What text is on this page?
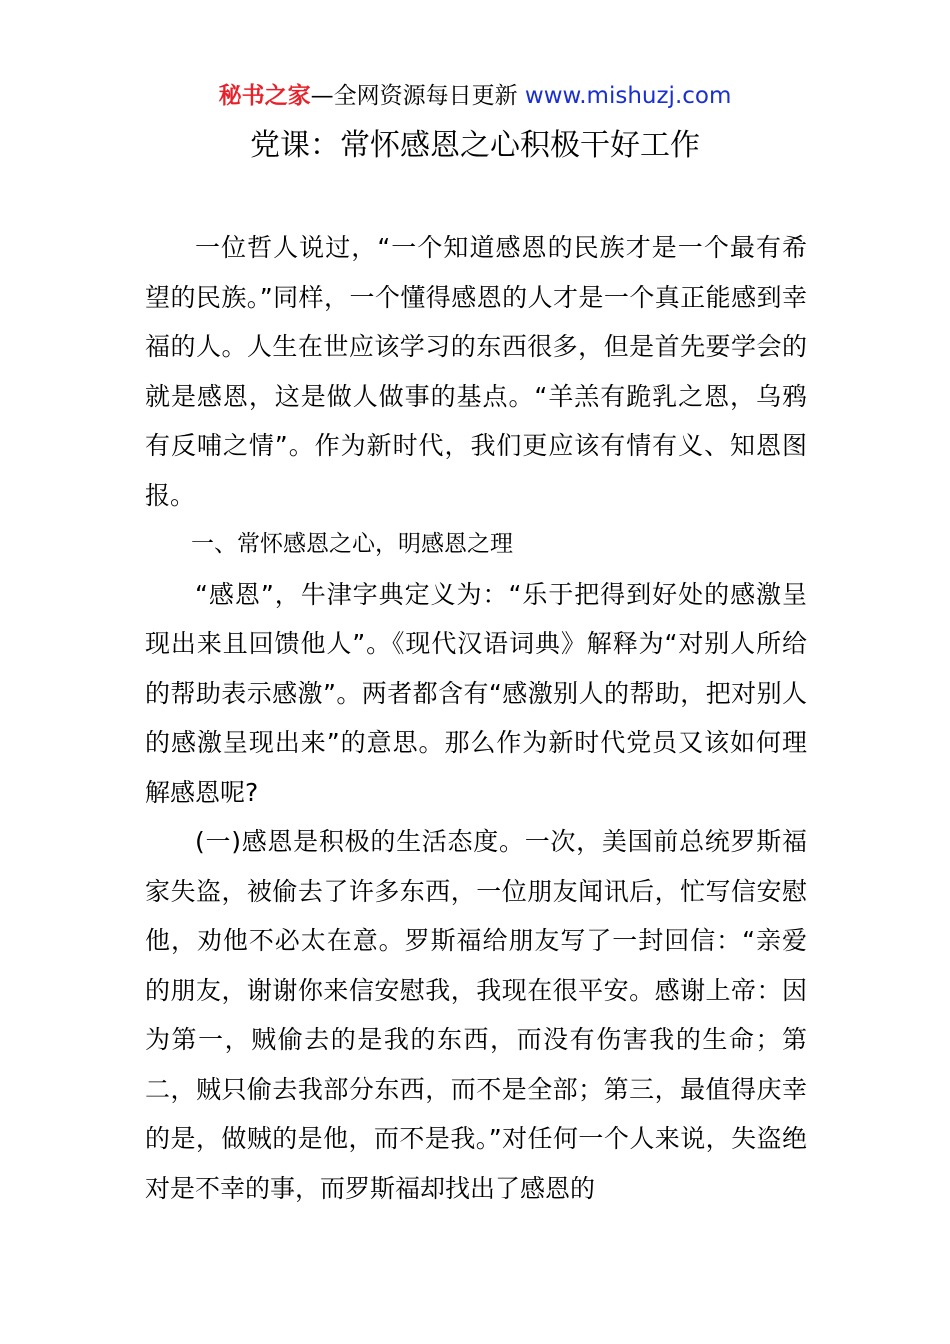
秘书之家—全网资源每日更新 www.mishuzj.com
党课：常怀感恩之心积极干好工作

一位哲人说过，“一个知道感恩的民族才是一个最有希望的民族。”同样，一个懂得感恩的人才是一个真正能感到幸福的人。人生在世应该学习的东西很多，但是首先要学会的就是感恩，这是做人做事的基点。“羊羔有跪乳之恩，乌鸦有反哺之情”。作为新时代，我们更应该有情有义、知恩图报。

一、常怀感恩之心，明感恩之理

“感恩”，牛津字典定义为：“乐于把得到好处的感激呈现出来且回馈他人”。《现代汉语词典》解释为“对别人所给的帮助表示感激”。两者都含有“感激别人的帮助，把对别人的感激呈现出来”的意思。那么作为新时代党员又该如何理解感恩呢?

(一)感恩是积极的生活态度。一次，美国前总统罗斯福家失盗，被偷去了许多东西，一位朋友闻讯后，忙写信安慰他，劝他不必太在意。罗斯福给朋友写了一封回信：“亲爱的朋友，谢谢你来信安慰我，我现在很平安。感谢上帝：因为第一，贼偷去的是我的东西，而没有伤害我的生命；第二，贼只偷去我部分东西，而不是全部；第三，最值得庆幸的是，做贼的是他，而不是我。”对任何一个人来说，失盗绝对是不幸的事，而罗斯福却找出了感恩的
